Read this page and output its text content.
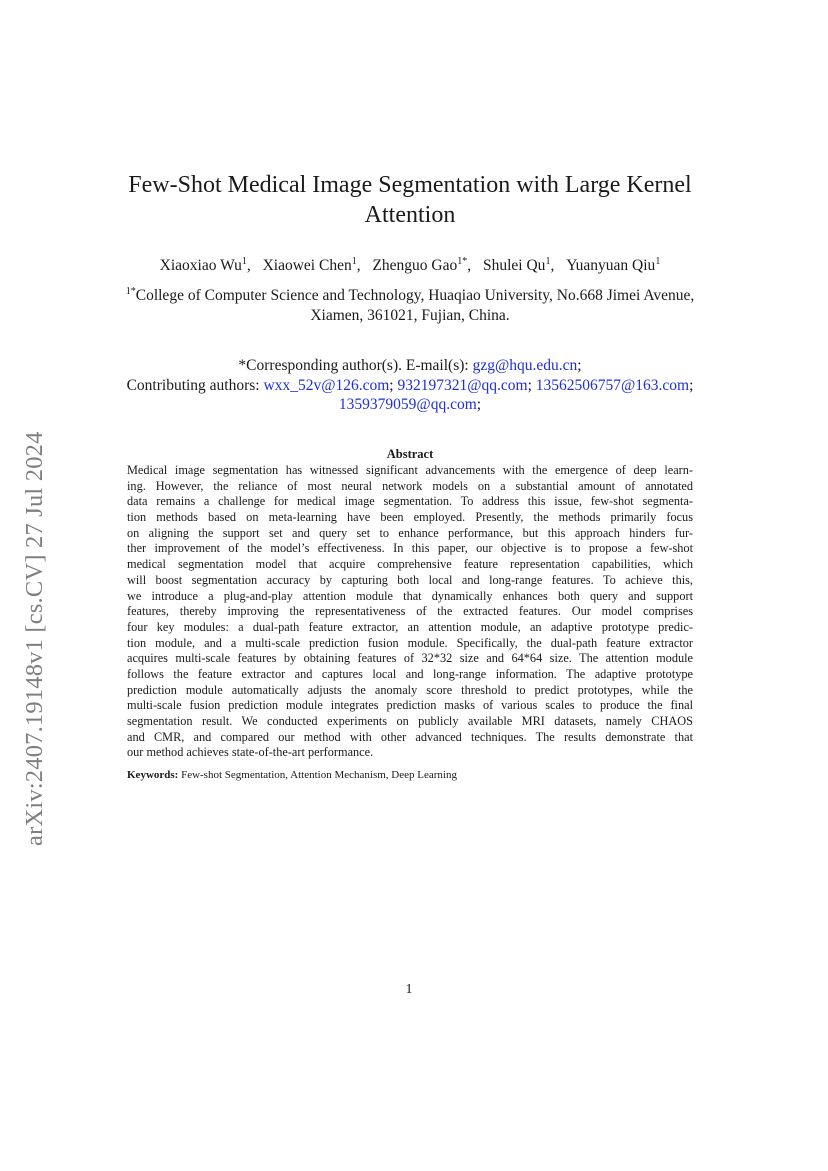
arXiv:2407.19148v1 [cs.CV] 27 Jul 2024
Few-Shot Medical Image Segmentation with Large Kernel
Attention
Xiaoxiao Wu$^1$, Xiaowei Chen$^1$, Zhenguo Gao$^{1*}$, Shulei Qu$^1$, Yuanyuan Qiu$^1$
$^{1*}$College of Computer Science and Technology, Huaqiao University, No.668 Jimei Avenue,
Xiamen, 361021, Fujian, China.
*Corresponding author(s). E-mail(s): gzg@hqu.edu.cn;
Contributing authors: wxx_52v@126.com; 932197321@qq.com; 13562506757@163.com;
1359379059@qq.com;
Abstract
Medical image segmentation has witnessed significant advancements with the emergence of deep learn-
ing. However, the reliance of most neural network models on a substantial amount of annotated
data remains a challenge for medical image segmentation. To address this issue, few-shot segmenta-
tion methods based on meta-learning have been employed. Presently, the methods primarily focus
on aligning the support set and query set to enhance performance, but this approach hinders fur-
ther improvement of the model’s effectiveness. In this paper, our objective is to propose a few-shot
medical segmentation model that acquire comprehensive feature representation capabilities, which
will boost segmentation accuracy by capturing both local and long-range features. To achieve this,
we introduce a plug-and-play attention module that dynamically enhances both query and support
features, thereby improving the representativeness of the extracted features. Our model comprises
four key modules: a dual-path feature extractor, an attention module, an adaptive prototype predic-
tion module, and a multi-scale prediction fusion module. Specifically, the dual-path feature extractor
acquires multi-scale features by obtaining features of 32*32 size and 64*64 size. The attention module
follows the feature extractor and captures local and long-range information. The adaptive prototype
prediction module automatically adjusts the anomaly score threshold to predict prototypes, while the
multi-scale fusion prediction module integrates prediction masks of various scales to produce the final
segmentation result. We conducted experiments on publicly available MRI datasets, namely CHAOS
and CMR, and compared our method with other advanced techniques. The results demonstrate that
our method achieves state-of-the-art performance.
Keywords: Few-shot Segmentation, Attention Mechanism, Deep Learning
1
